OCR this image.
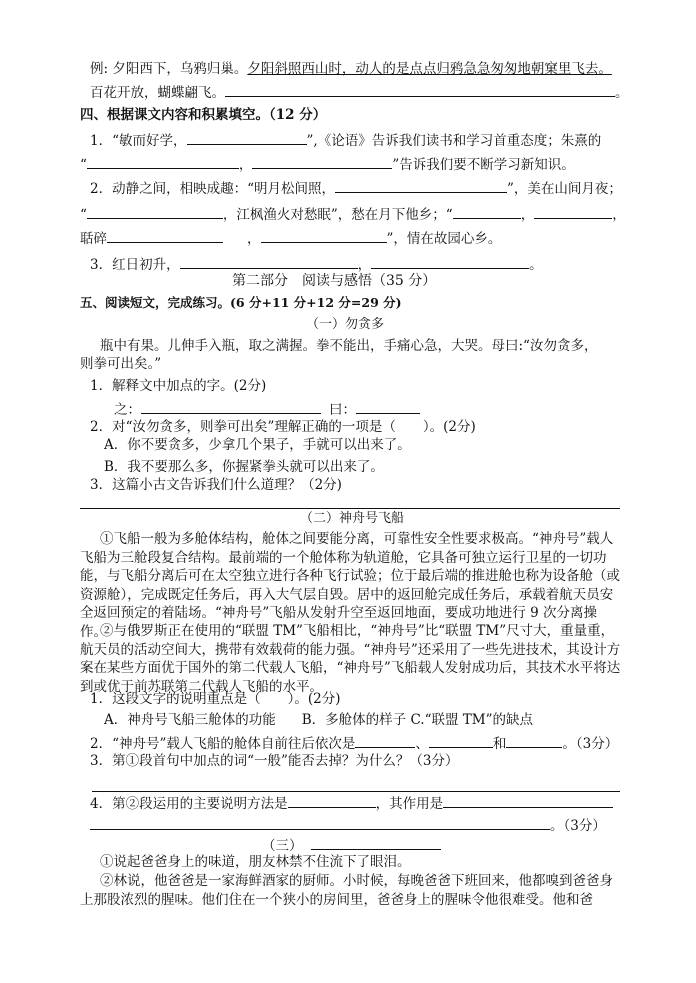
例: 夕阳西下，乌鸦归巢。夕阳斜照西山时，动人的是点点归鸦急急匆匆地朝窠里飞去。
百花开放，蝴蝶翩飞。	。
四、根据课文内容和积累填空。（12 分）
1．“敏而好学，	”,《论语》告诉我们读书和学习首重态度；朱熹的
“	，	”告诉我们要不断学习新知识。
2．动静之间，相映成趣：“明月松间照，	”，美在山间月夜；
“	，江枫渔火对愁眠”，愁在月下他乡；“	，	，
聒碎	，	”，情在故园心乡。
3．红日初升，	，	。
第二部分　阅读与感悟（35 分）
五、阅读短文，完成练习。(6 分+11 分+12 分=29 分)
（一）勿贪多
瓶中有果。儿伸手入瓶，取之满握。拳不能出，手痛心急，大哭。母曰:“汝勿贪多，
则拳可出矣。”
1．解释文中加点的字。(2分)
之：	曰：
2．对“汝勿贪多，则拳可出矣”理解正确的一项是（　　）。(2分)
A．你不要贪多，少拿几个果子，手就可以出来了。
B．我不要那么多，你握紧拳头就可以出来了。
3．这篇小古文告诉我们什么道理？（2分)
（二）神舟号飞船
①飞船一般为多舱体结构，舱体之间要能分离，可靠性安全性要求极高。“神舟号”载人飞船为三舱段复合结构。最前端的一个舱体称为轨道舱，它具备可独立运行卫星的一切功能，与飞船分离后可在太空独立进行各种飞行试验；位于最后端的推进舱也称为设备舱（或资源舱），完成既定任务后，再入大气层自毁。居中的返回舱完成任务后，承载着航天员安全返回预定的着陆场。“神舟号”飞船从发射升空至返回地面，要成功地进行 9 次分离操作。
②与俄罗斯正在使用的“联盟 TM”飞船相比，“神舟号”比“联盟 TM”尺寸大，重量重，航天员的活动空间大，携带有效载荷的能力强。“神舟号”还采用了一些先进技术，其设计方案在某些方面优于国外的第二代载人飞船，“神舟号”飞船载人发射成功后，其技术水平将达到或优于前苏联第二代载人飞船的水平。
1．这段文字的说明重点是（　　）。(2分)
A．神舟号飞船三舱体的功能 B．多舱体的样子 C.“联盟 TM”的缺点
2．“神舟号”载人飞船的舱体自前往后依次是	、	和	。（3分）
3．第①段首句中加点的词“一般”能否去掉？为什么？（3分）
4．第②段运用的主要说明方法是	，其作用是
。（3分）
（三）
①说起爸爸身上的味道，朋友林禁不住流下了眼泪。
②林说，他爸爸是一家海鲜酒家的厨师。小时候，每晚爸爸下班回来，他都嗅到爸爸身上那股浓烈的腥味。他们住在一个狭小的房间里，爸爸身上的腥味令他很难受。他和爸
